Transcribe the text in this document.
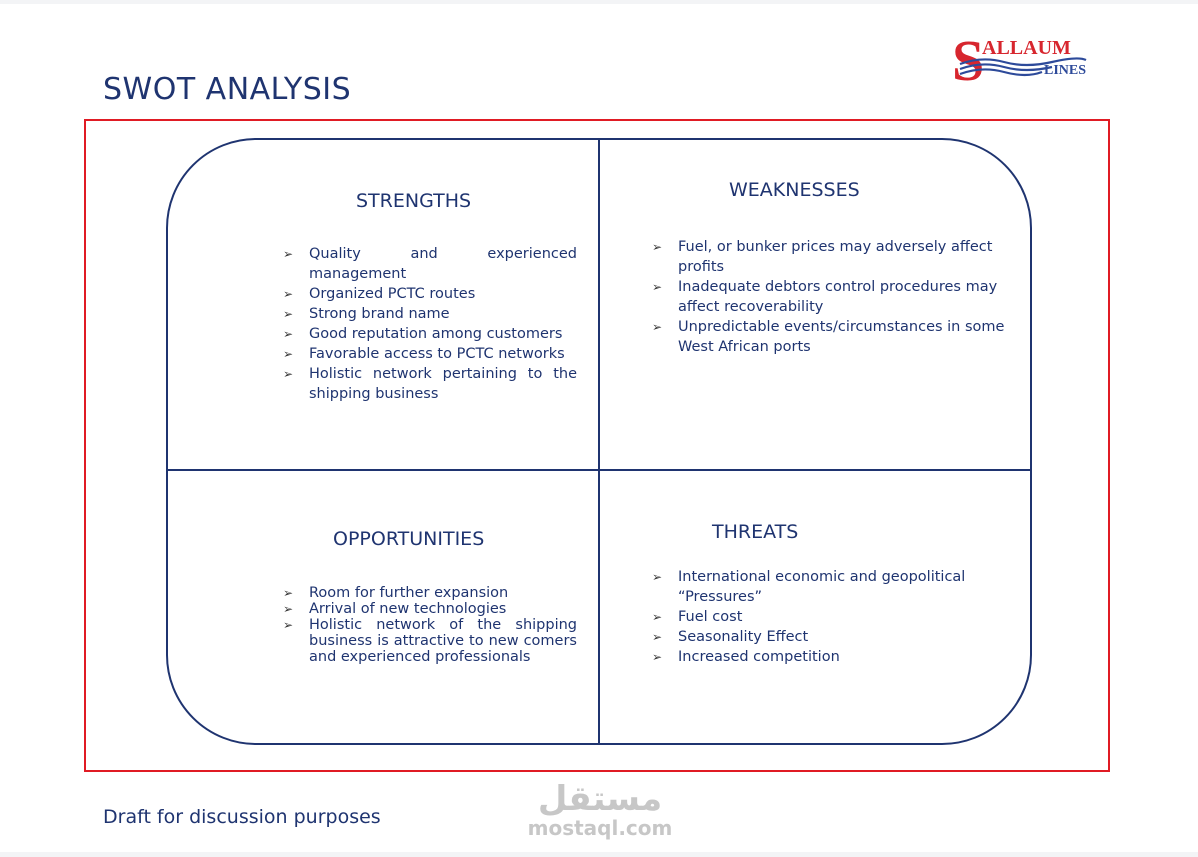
SWOT ANALYSIS	S
ALLAUM
LINES
STRENGTHS
➢ Quality and experienced management
➢ Organized PCTC routes
➢ Strong brand name
➢ Good reputation among customers
➢ Favorable access to PCTC networks
➢ Holistic network pertaining to the shipping business
WEAKNESSES
➢ Fuel, or bunker prices may adversely affect profits
➢ Inadequate debtors control procedures may affect recoverability
➢ Unpredictable events/circumstances in some West African ports
OPPORTUNITIES
➢ Room for further expansion
➢ Arrival of new technologies
➢ Holistic network of the shipping business is attractive to new comers and experienced professionals
THREATS
➢ International economic and geopolitical “Pressures”
➢ Fuel cost
➢ Seasonality Effect
➢ Increased competition
Draft for discussion purposes	مستقل
mostaql.com
